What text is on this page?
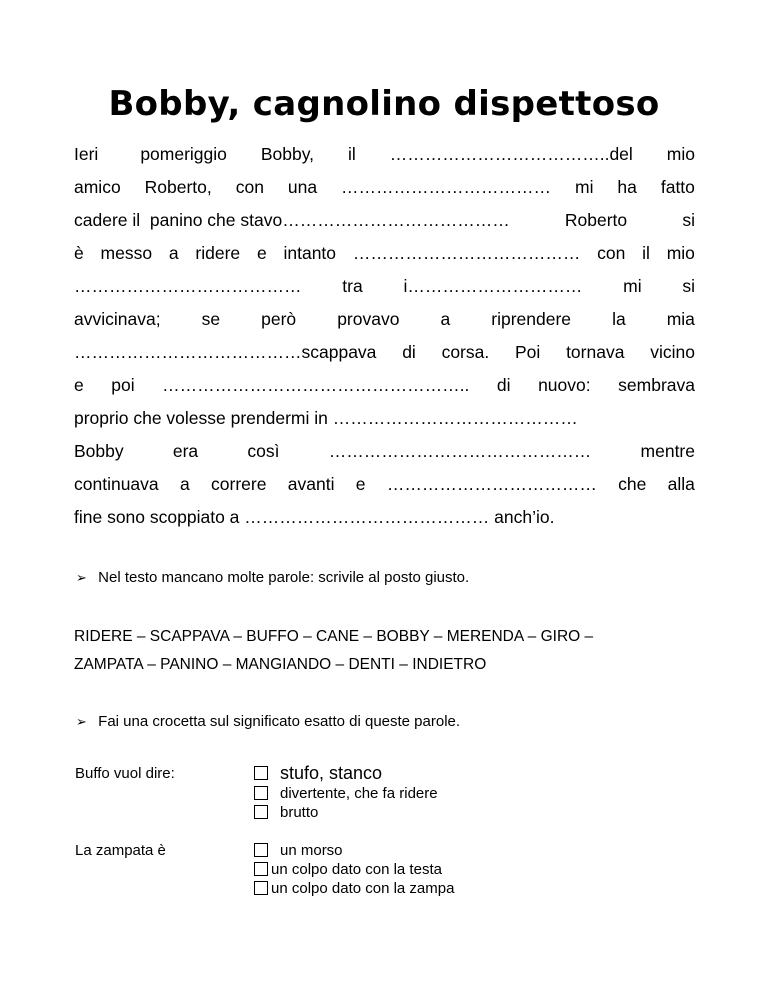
Bobby, cagnolino dispettoso
Ieri pomeriggio Bobby, il ………………………………..del mio
amico Roberto, con una ……………………………… mi ha fatto
cadere il  panino che stavo…………………………………	Roberto	si
è messo a ridere e intanto ………………………………… con il mio
………………………………… tra i………………………… mi si
avvicinava; se però provavo a riprendere la mia
…………………………………scappava di corsa. Poi tornava vicino
e poi …………………………………………….. di nuovo: sembrava
proprio che volesse prendermi in ……………………………………
Bobby	era	così	………………………………………	mentre
continuava a correre avanti e ……………………………… che alla
fine sono scoppiato a …………………………………… anch’io.
➢ Nel testo mancano molte parole: scrivile al posto giusto.
RIDERE – SCAPPAVA – BUFFO – CANE – BOBBY – MERENDA – GIRO –
ZAMPATA – PANINO – MANGIANDO – DENTI – INDIETRO
➢ Fai una crocetta sul significato esatto di queste parole.
Buffo vuol dire:	stufo, stanco
divertente, che fa ridere
brutto
La zampata è	un morso
un colpo dato con la testa
un colpo dato con la zampa
